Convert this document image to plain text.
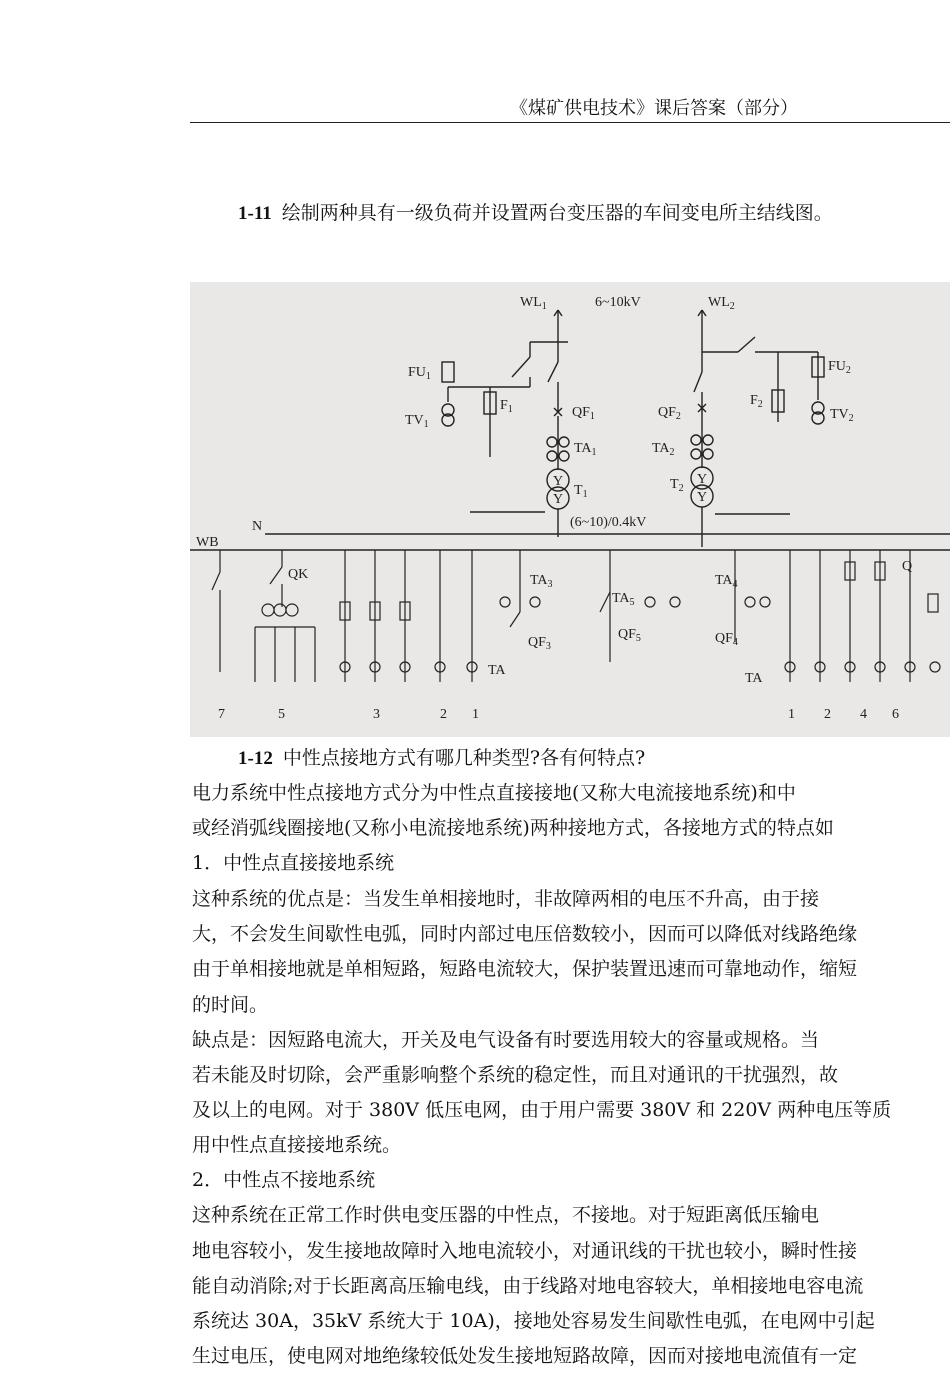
《煤矿供电技术》课后答案（部分）
1-11 绘制两种具有一级负荷并设置两台变压器的车间变电所主结线图。
$WL_1$	6~10kV	$WL_2$
$FU_1$
$FU_2$
$TV_1$
$TV_2$
$F_1$
$F_2$
$QF_1$	$QF_2$
$TA_1$	$TA_2$
$T_1$
$T_2$
Y
Y
Y
Y
(6~10)/0.4kV
N
WB
QK	$TA_3$	$TA_4$
$TA_5$
$QF_3$
$QF_4$
$QF_5$
TA
TA
Q
7	5	3	2 1	1 2 4 6
1-12 中性点接地方式有哪几种类型?各有何特点?
电力系统中性点接地方式分为中性点直接接地(又称大电流接地系统)和中
或经消弧线圈接地(又称小电流接地系统)两种接地方式，各接地方式的特点如
1．中性点直接接地系统
这种系统的优点是：当发生单相接地时，非故障两相的电压不升高，由于接
大，不会发生间歇性电弧，同时内部过电压倍数较小，因而可以降低对线路绝缘
由于单相接地就是单相短路，短路电流较大，保护装置迅速而可靠地动作，缩短
的时间。
缺点是：因短路电流大，开关及电气设备有时要选用较大的容量或规格。当
若未能及时切除，会严重影响整个系统的稳定性，而且对通讯的干扰强烈，故
及以上的电网。对于 380V 低压电网，由于用户需要 380V 和 220V 两种电压等质
用中性点直接接地系统。
2．中性点不接地系统
这种系统在正常工作时供电变压器的中性点，不接地。对于短距离低压输电
地电容较小，发生接地故障时入地电流较小，对通讯线的干扰也较小，瞬时性接
能自动消除;对于长距离高压输电线，由于线路对地电容较大，单相接地电容电流
系统达 30A，35kV 系统大于 10A)，接地处容易发生间歇性电弧，在电网中引起
生过电压，使电网对地绝缘较低处发生接地短路故障，因而对接地电流值有一定
